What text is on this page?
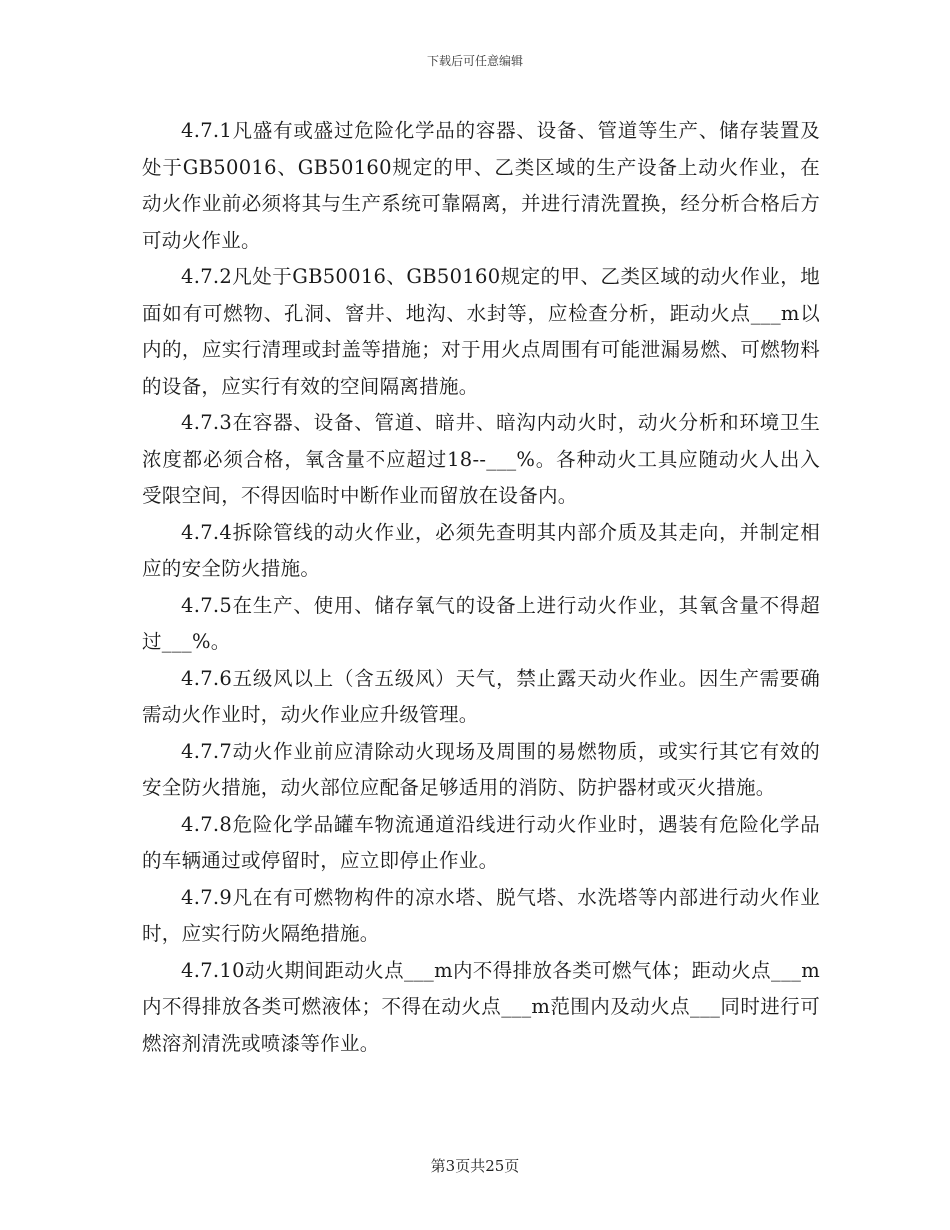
下载后可任意编辑

4.7.1凡盛有或盛过危险化学品的容器、设备、管道等生产、储存装置及处于GB50016、GB50160规定的甲、乙类区域的生产设备上动火作业，在动火作业前必须将其与生产系统可靠隔离，并进行清洗置换，经分析合格后方可动火作业。

4.7.2凡处于GB50016、GB50160规定的甲、乙类区域的动火作业，地面如有可燃物、孔洞、窨井、地沟、水封等，应检查分析，距动火点___m以内的，应实行清理或封盖等措施；对于用火点周围有可能泄漏易燃、可燃物料的设备，应实行有效的空间隔离措施。

4.7.3在容器、设备、管道、暗井、暗沟内动火时，动火分析和环境卫生浓度都必须合格，氧含量不应超过18--___%。各种动火工具应随动火人出入受限空间，不得因临时中断作业而留放在设备内。

4.7.4拆除管线的动火作业，必须先查明其内部介质及其走向，并制定相应的安全防火措施。

4.7.5在生产、使用、储存氧气的设备上进行动火作业，其氧含量不得超过___%。

4.7.6五级风以上（含五级风）天气，禁止露天动火作业。因生产需要确需动火作业时，动火作业应升级管理。

4.7.7动火作业前应清除动火现场及周围的易燃物质，或实行其它有效的安全防火措施，动火部位应配备足够适用的消防、防护器材或灭火措施。

4.7.8危险化学品罐车物流通道沿线进行动火作业时，遇装有危险化学品的车辆通过或停留时，应立即停止作业。

4.7.9凡在有可燃物构件的凉水塔、脱气塔、水洗塔等内部进行动火作业时，应实行防火隔绝措施。

4.7.10动火期间距动火点___m内不得排放各类可燃气体；距动火点___m内不得排放各类可燃液体；不得在动火点___m范围内及动火点___同时进行可燃溶剂清洗或喷漆等作业。

第3页共25页
